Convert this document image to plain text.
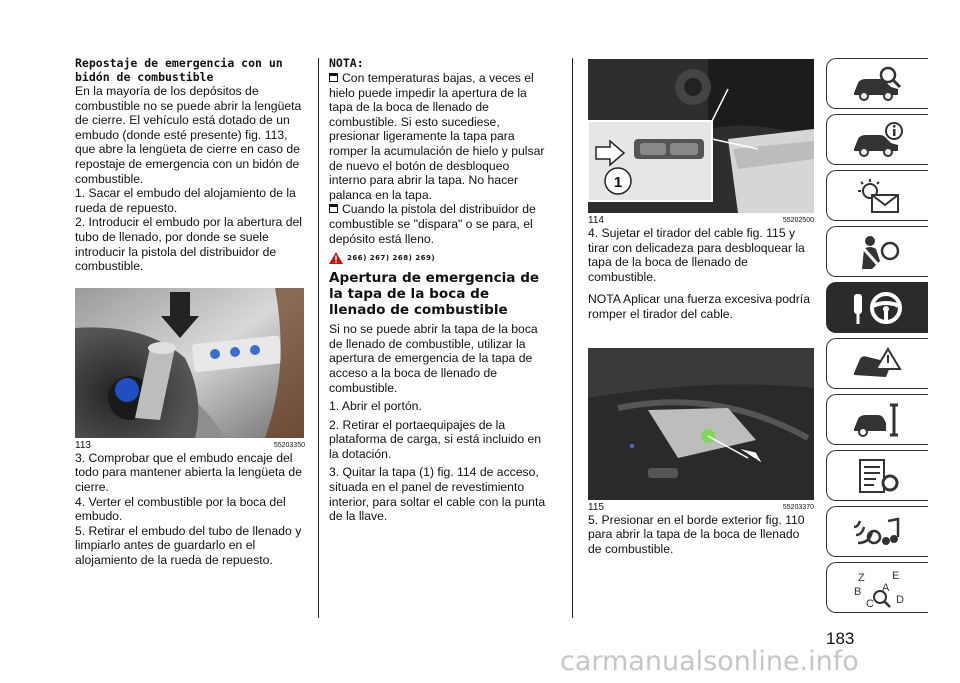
Repostaje de emergencia con un bidón de combustible

En la mayoría de los depósitos de combustible no se puede abrir la lengüeta de cierre. El vehículo está dotado de un embudo (donde esté presente) fig. 113, que abre la lengüeta de cierre en caso de repostaje de emergencia con un bidón de combustible.

1. Sacar el embudo del alojamiento de la rueda de repuesto.

2. Introducir el embudo por la abertura del tubo de llenado, por donde se suele introducir la pistola del distribuidor de combustible.

113	55203350

3. Comprobar que el embudo encaje del todo para mantener abierta la lengüeta de cierre.

4. Verter el combustible por la boca del embudo.

5. Retirar el embudo del tubo de llenado y limpiarlo antes de guardarlo en el alojamiento de la rueda de repuesto.

NOTA:

Con temperaturas bajas, a veces el hielo puede impedir la apertura de la tapa de la boca de llenado de combustible. Si esto sucediese, presionar ligeramente la tapa para romper la acumulación de hielo y pulsar de nuevo el botón de desbloqueo interno para abrir la tapa. No hacer palanca en la tapa.

Cuando la pistola del distribuidor de combustible se "dispara" o se para, el depósito está lleno.

266) 267) 268) 269)

Apertura de emergencia de la tapa de la boca de llenado de combustible

Si no se puede abrir la tapa de la boca de llenado de combustible, utilizar la apertura de emergencia de la tapa de acceso a la boca de llenado de combustible.

1. Abrir el portón.

2. Retirar el portaequipajes de la plataforma de carga, si está incluido en la dotación.

3. Quitar la tapa (1) fig. 114 de acceso, situada en el panel de revestimiento interior, para soltar el cable con la punta de la llave.

1
114	55202500

4. Sujetar el tirador del cable fig. 115 y tirar con delicadeza para desbloquear la tapa de la boca de llenado de combustible.

NOTA Aplicar una fuerza excesiva podría romper el tirador del cable.

115	55203370

5. Presionar en el borde exterior fig. 110 para abrir la tapa de la boca de llenado de combustible.

Z E
B A
D
C
183
carmanualsonline.info
